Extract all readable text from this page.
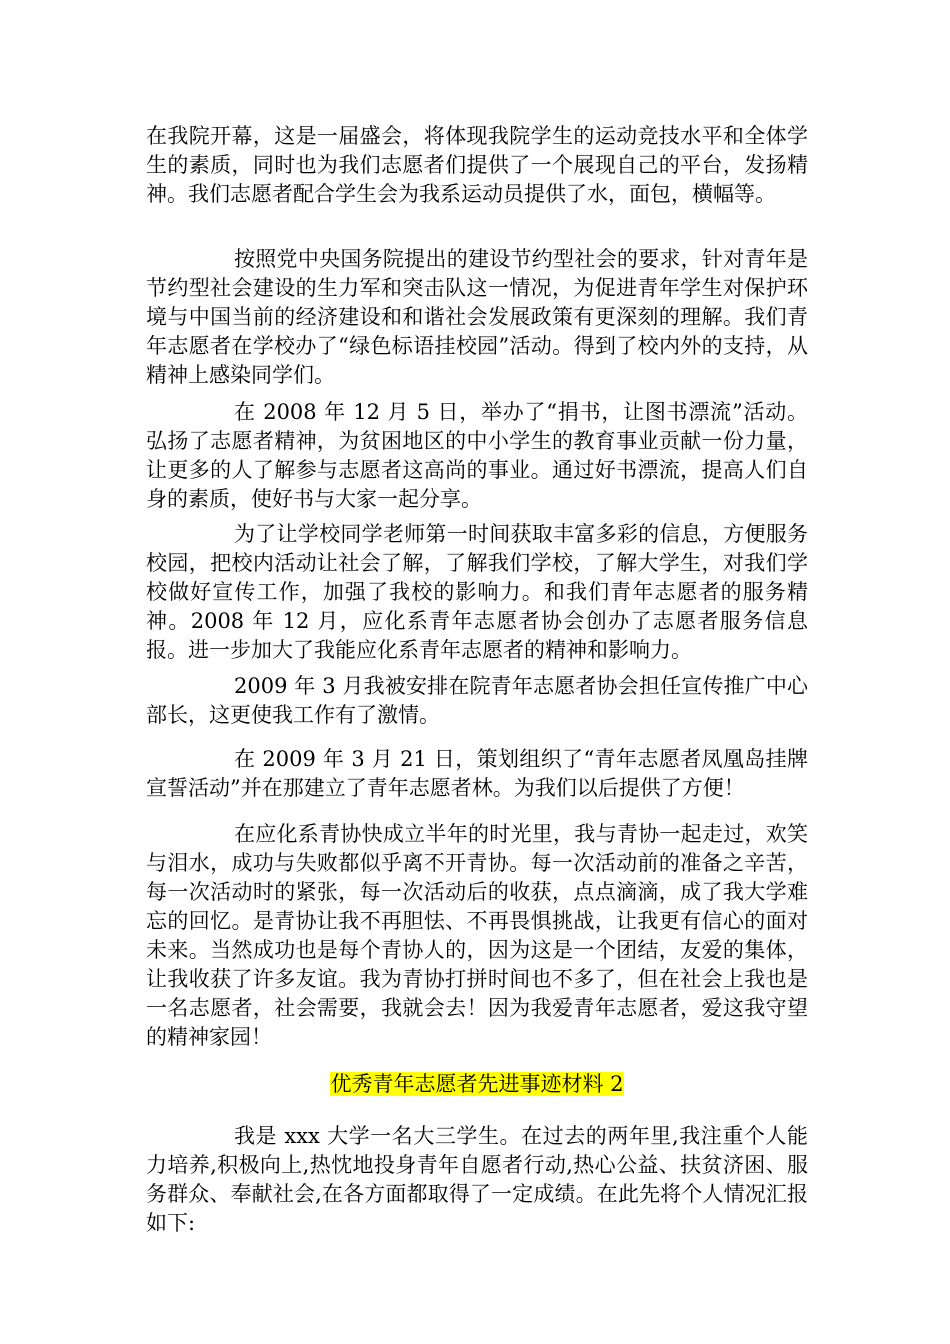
在我院开幕，这是一届盛会，将体现我院学生的运动竞技水平和全体学生的素质，同时也为我们志愿者们提供了一个展现自己的平台，发扬精神。我们志愿者配合学生会为我系运动员提供了水，面包，横幅等。

按照党中央国务院提出的建设节约型社会的要求，针对青年是节约型社会建设的生力军和突击队这一情况，为促进青年学生对保护环境与中国当前的经济建设和和谐社会发展政策有更深刻的理解。我们青年志愿者在学校办了“绿色标语挂校园”活动。得到了校内外的支持，从精神上感染同学们。

在 2008 年 12 月 5 日，举办了“捐书，让图书漂流”活动。弘扬了志愿者精神，为贫困地区的中小学生的教育事业贡献一份力量，让更多的人了解参与志愿者这高尚的事业。通过好书漂流，提高人们自身的素质，使好书与大家一起分享。

为了让学校同学老师第一时间获取丰富多彩的信息，方便服务校园，把校内活动让社会了解，了解我们学校，了解大学生，对我们学校做好宣传工作，加强了我校的影响力。和我们青年志愿者的服务精神。2008 年 12 月，应化系青年志愿者协会创办了志愿者服务信息报。进一步加大了我能应化系青年志愿者的精神和影响力。

2009 年 3 月我被安排在院青年志愿者协会担任宣传推广中心部长，这更使我工作有了激情。

在 2009 年 3 月 21 日，策划组织了“青年志愿者凤凰岛挂牌宣誓活动”并在那建立了青年志愿者林。为我们以后提供了方便！

在应化系青协快成立半年的时光里，我与青协一起走过，欢笑与泪水，成功与失败都似乎离不开青协。每一次活动前的准备之辛苦，每一次活动时的紧张，每一次活动后的收获，点点滴滴，成了我大学难忘的回忆。是青协让我不再胆怯、不再畏惧挑战，让我更有信心的面对未来。当然成功也是每个青协人的，因为这是一个团结，友爱的集体，让我收获了许多友谊。我为青协打拼时间也不多了，但在社会上我也是一名志愿者，社会需要，我就会去！因为我爱青年志愿者，爱这我守望的精神家园！

优秀青年志愿者先进事迹材料 2

我是 xxx 大学一名大三学生。在过去的两年里,我注重个人能力培养,积极向上,热忱地投身青年自愿者行动,热心公益、扶贫济困、服务群众、奉献社会,在各方面都取得了一定成绩。在此先将个人情况汇报如下:
